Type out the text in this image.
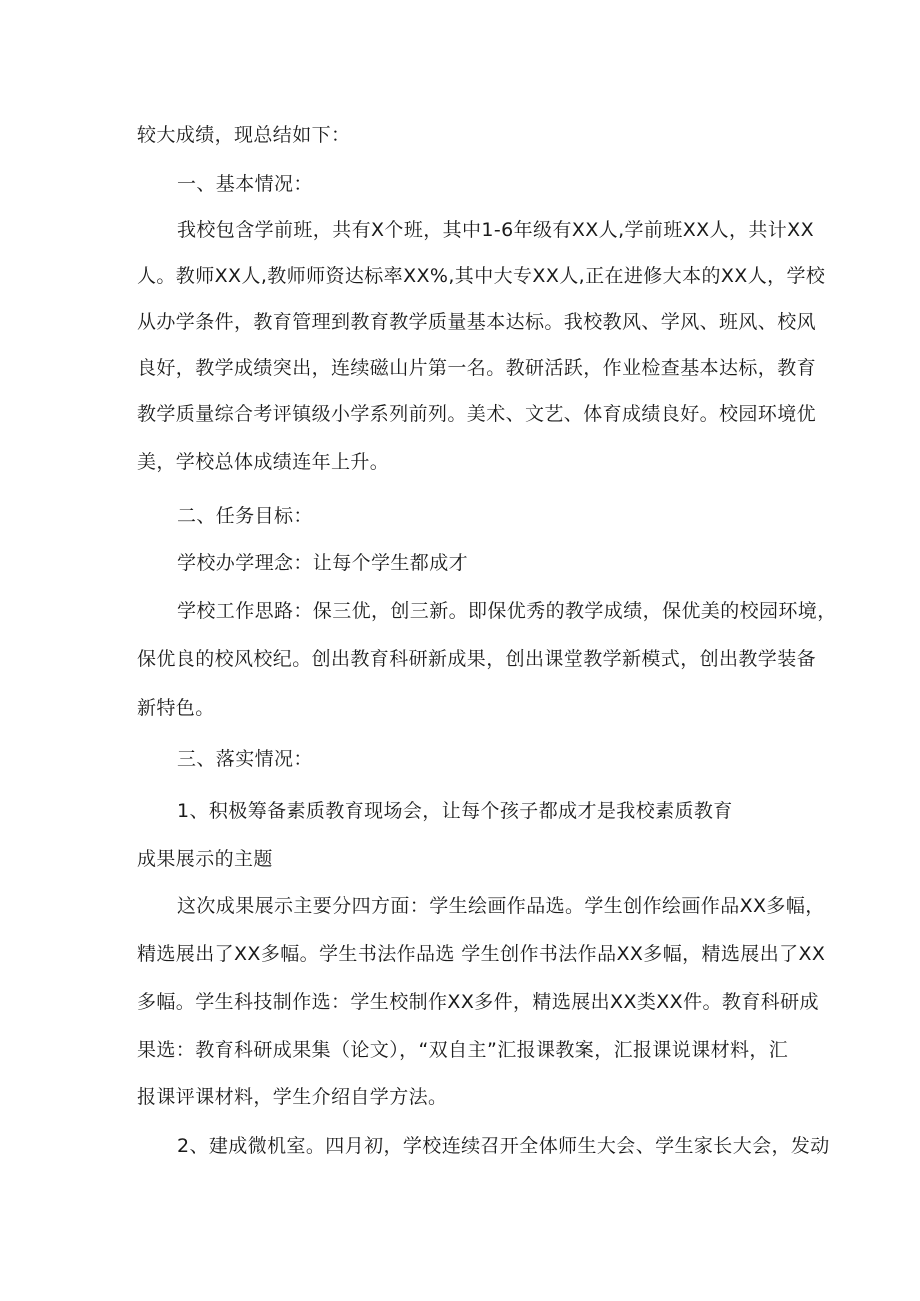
较大成绩，现总结如下：

一、基本情况：

我校包含学前班，共有X个班，其中1-6年级有XX人,学前班XX人，共计XX

人。教师XX人,教师师资达标率XX%,其中大专XX人,正在进修大本的XX人，学校

从办学条件，教育管理到教育教学质量基本达标。我校教风、学风、班风、校风

良好，教学成绩突出，连续磁山片第一名。教研活跃，作业检查基本达标，教育

教学质量综合考评镇级小学系列前列。美术、文艺、体育成绩良好。校园环境优

美，学校总体成绩连年上升。

二、任务目标：

学校办学理念：让每个学生都成才

学校工作思路：保三优，创三新。即保优秀的教学成绩，保优美的校园环境，

保优良的校风校纪。创出教育科研新成果，创出课堂教学新模式，创出教学装备

新特色。

三、落实情况：

1、积极筹备素质教育现场会，让每个孩子都成才是我校素质教育

成果展示的主题

这次成果展示主要分四方面：学生绘画作品选。学生创作绘画作品XX多幅，

精选展出了XX多幅。学生书法作品选 学生创作书法作品XX多幅，精选展出了XX

多幅。学生科技制作选：学生校制作XX多件，精选展出XX类XX件。教育科研成

果选：教育科研成果集（论文），“双自主”汇报课教案，汇报课说课材料，汇

报课评课材料，学生介绍自学方法。

2、建成微机室。四月初，学校连续召开全体师生大会、学生家长大会，发动
